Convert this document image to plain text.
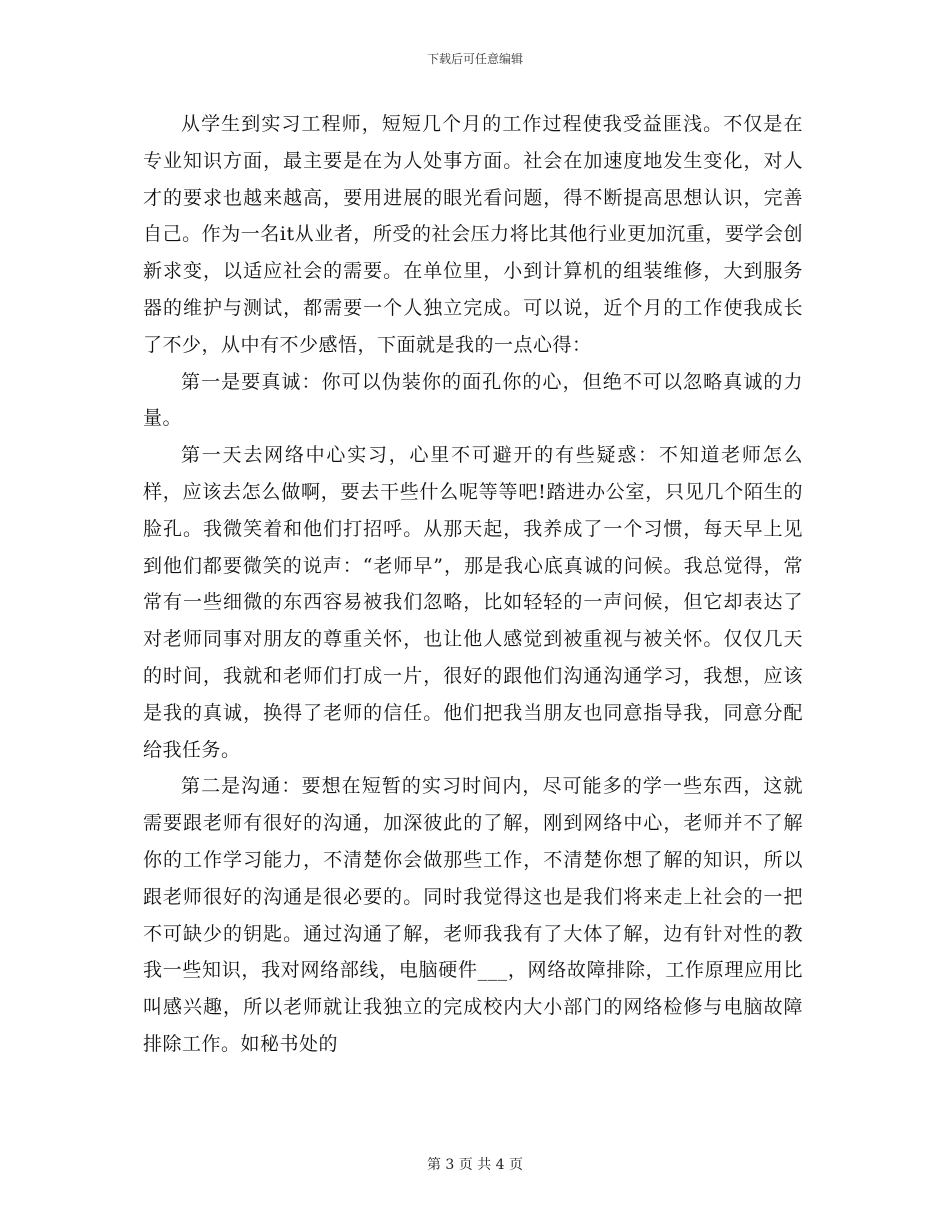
下载后可任意编辑

从学生到实习工程师，短短几个月的工作过程使我受益匪浅。不仅是在专业知识方面，最主要是在为人处事方面。社会在加速度地发生变化，对人才的要求也越来越高，要用进展的眼光看问题，得不断提高思想认识，完善自己。作为一名it从业者，所受的社会压力将比其他行业更加沉重，要学会创新求变，以适应社会的需要。在单位里，小到计算机的组装维修，大到服务器的维护与测试，都需要一个人独立完成。可以说，近个月的工作使我成长了不少，从中有不少感悟，下面就是我的一点心得：

第一是要真诚：你可以伪装你的面孔你的心，但绝不可以忽略真诚的力量。

第一天去网络中心实习，心里不可避开的有些疑惑：不知道老师怎么样，应该去怎么做啊，要去干些什么呢等等吧!踏进办公室，只见几个陌生的脸孔。我微笑着和他们打招呼。从那天起，我养成了一个习惯，每天早上见到他们都要微笑的说声：“老师早”，那是我心底真诚的问候。我总觉得，常常有一些细微的东西容易被我们忽略，比如轻轻的一声问候，但它却表达了对老师同事对朋友的尊重关怀，也让他人感觉到被重视与被关怀。仅仅几天的时间，我就和老师们打成一片，很好的跟他们沟通沟通学习，我想，应该是我的真诚，换得了老师的信任。他们把我当朋友也同意指导我，同意分配给我任务。

第二是沟通：要想在短暂的实习时间内，尽可能多的学一些东西，这就需要跟老师有很好的沟通，加深彼此的了解，刚到网络中心，老师并不了解你的工作学习能力，不清楚你会做那些工作，不清楚你想了解的知识，所以跟老师很好的沟通是很必要的。同时我觉得这也是我们将来走上社会的一把不可缺少的钥匙。通过沟通了解，老师我我有了大体了解，边有针对性的教我一些知识，我对网络部线，电脑硬件___，网络故障排除，工作原理应用比叫感兴趣，所以老师就让我独立的完成校内大小部门的网络检修与电脑故障排除工作。如秘书处的

第 3 页 共 4 页
